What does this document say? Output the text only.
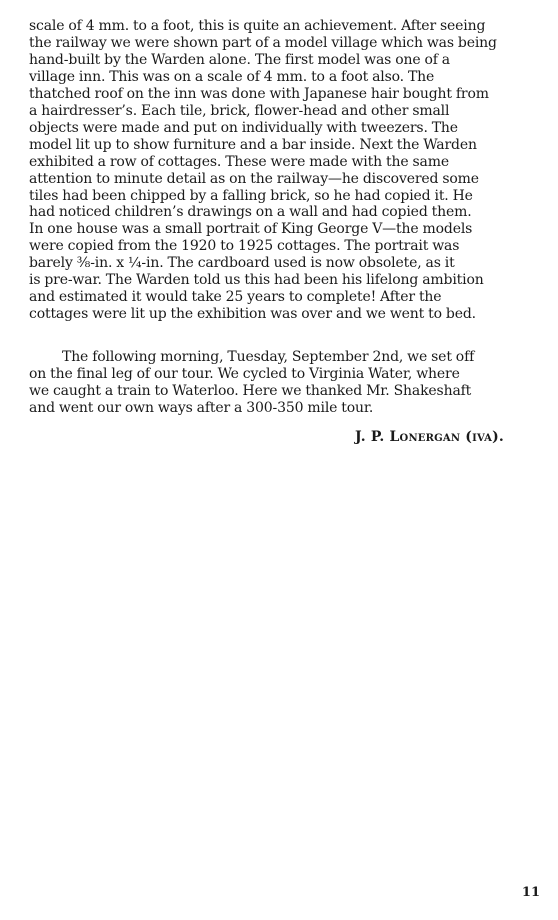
scale of 4 mm. to a foot, this is quite an achievement. After seeing
the railway we were shown part of a model village which was being
hand-built by the Warden alone. The first model was one of a
village inn. This was on a scale of 4 mm. to a foot also. The
thatched roof on the inn was done with Japanese hair bought from
a hairdresser’s. Each tile, brick, flower-head and other small
objects were made and put on individually with tweezers. The
model lit up to show furniture and a bar inside. Next the Warden
exhibited a row of cottages. These were made with the same
attention to minute detail as on the railway—he discovered some
tiles had been chipped by a falling brick, so he had copied it. He
had noticed children’s drawings on a wall and had copied them.
In one house was a small portrait of King George V—the models
were copied from the 1920 to 1925 cottages. The portrait was
barely ⅜-in. x ¼-in. The cardboard used is now obsolete, as it
is pre-war. The Warden told us this had been his lifelong ambition
and estimated it would take 25 years to complete! After the
cottages were lit up the exhibition was over and we went to bed.

The following morning, Tuesday, September 2nd, we set off
on the final leg of our tour. We cycled to Virginia Water, where
we caught a train to Waterloo. Here we thanked Mr. Shakeshaft
and went our own ways after a 300-350 mile tour.

J. P. Lonergan (iva).
11
